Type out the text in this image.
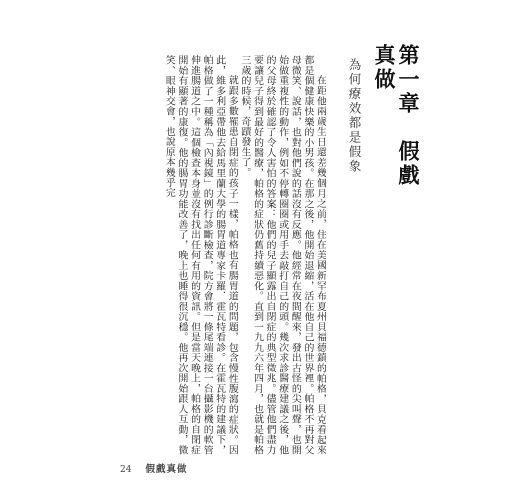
第一章　假戲真做
為何療效都是假象

在距他兩歲生日還差幾個月之前，住在美國新罕布夏州貝福德鎮的帕格，貝克看起來都是個健康快樂的小男孩。在那之後，他開始退縮，活在他自己的世界裡。帕格不再對父母微笑、說話，也對他們說的話沒有反應。他經常在夜間醒來，發出古怪的尖叫聲，也開始做重複性的動作，例如不停轉圈圈或用手去敲打自己的頭。幾次求診醫療建議之後，他的父母終於確認了令人害怕的答案：他們的兒子顯露出自閉症的典型徵兆。儘管他們盡力要讓兒子得到最好的醫療，帕格的症狀仍舊持續惡化。直到一九九六年四月，也就是帕格三歲的時候，奇蹟發生了。

就跟多數罹患自閉症的孩子一樣，帕格也有腸胃道的問題，包含慢性腹瀉的症狀。因此，維多利亞帶他去給馬里蘭大學的腸胃道專家卡羅．霍瓦特看診。在霍瓦特的建議下，帕格做了一種稱為「內視鏡」的例行診斷檢查，院方會將一條尾端連接一台攝影機的軟管伸進腸道之中。這個檢查本身並沒有找出任何有用的資訊。但是當天晚上，帕格的自閉症開始有顯著的康復。他的腸胃功能改善了，晚上也睡得很沉穩。他再次開始跟人互動，微笑、眼神交會，也說原本幾乎完

24 假戲真做
